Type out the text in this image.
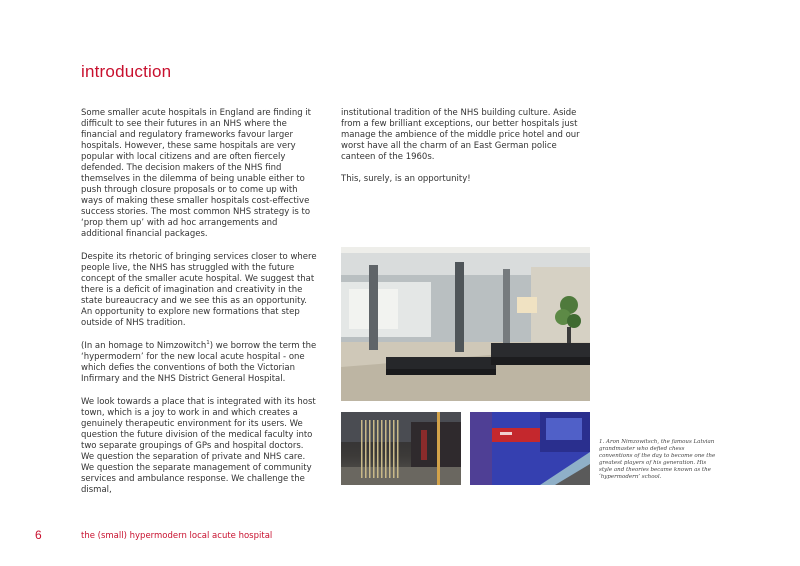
introduction

Some smaller acute hospitals in England are finding it difficult to see their futures in an NHS where the financial and regulatory frameworks favour larger hospitals. However, these same hospitals are very popular with local citizens and are often fiercely defended. The decision makers of the NHS find themselves in the dilemma of being unable either to push through closure proposals or to come up with ways of making these smaller hospitals cost-effective success stories. The most common NHS strategy is to ‘prop them up’ with ad hoc arrangements and additional financial packages.

Despite its rhetoric of bringing services closer to where people live, the NHS has struggled with the future concept of the smaller acute hospital. We suggest that there is a deficit of imagination and creativity in the state bureaucracy and we see this as an opportunity. An opportunity to explore new formations that step outside of NHS tradition.

(In an homage to Nimzowitch$^1$) we borrow the term the ‘hypermodern’ for the new local acute hospital - one which defies the conventions of both the Victorian Infirmary and the NHS District General Hospital.

We look towards a place that is integrated with its host town, which is a joy to work in and which creates a genuinely therapeutic environment for its users. We question the future division of the medical faculty into two separate groupings of GPs and hospital doctors. We question the separation of private and NHS care. We question the separate management of community services and ambulance response. We challenge the dismal,

institutional tradition of the NHS building culture. Aside from a few brilliant exceptions, our better hospitals just manage the ambience of the middle price hotel and our worst have all the charm of an East German police canteen of the 1960s.

This, surely, is an opportunity!

1. Aron Nimzowitsch, the famous Latvian grandmaster who defied chess conventions of the day to become one the greatest players of his generation. His style and theories became known as the ‘hypermodern’ school.
6	the (small) hypermodern local acute hospital
